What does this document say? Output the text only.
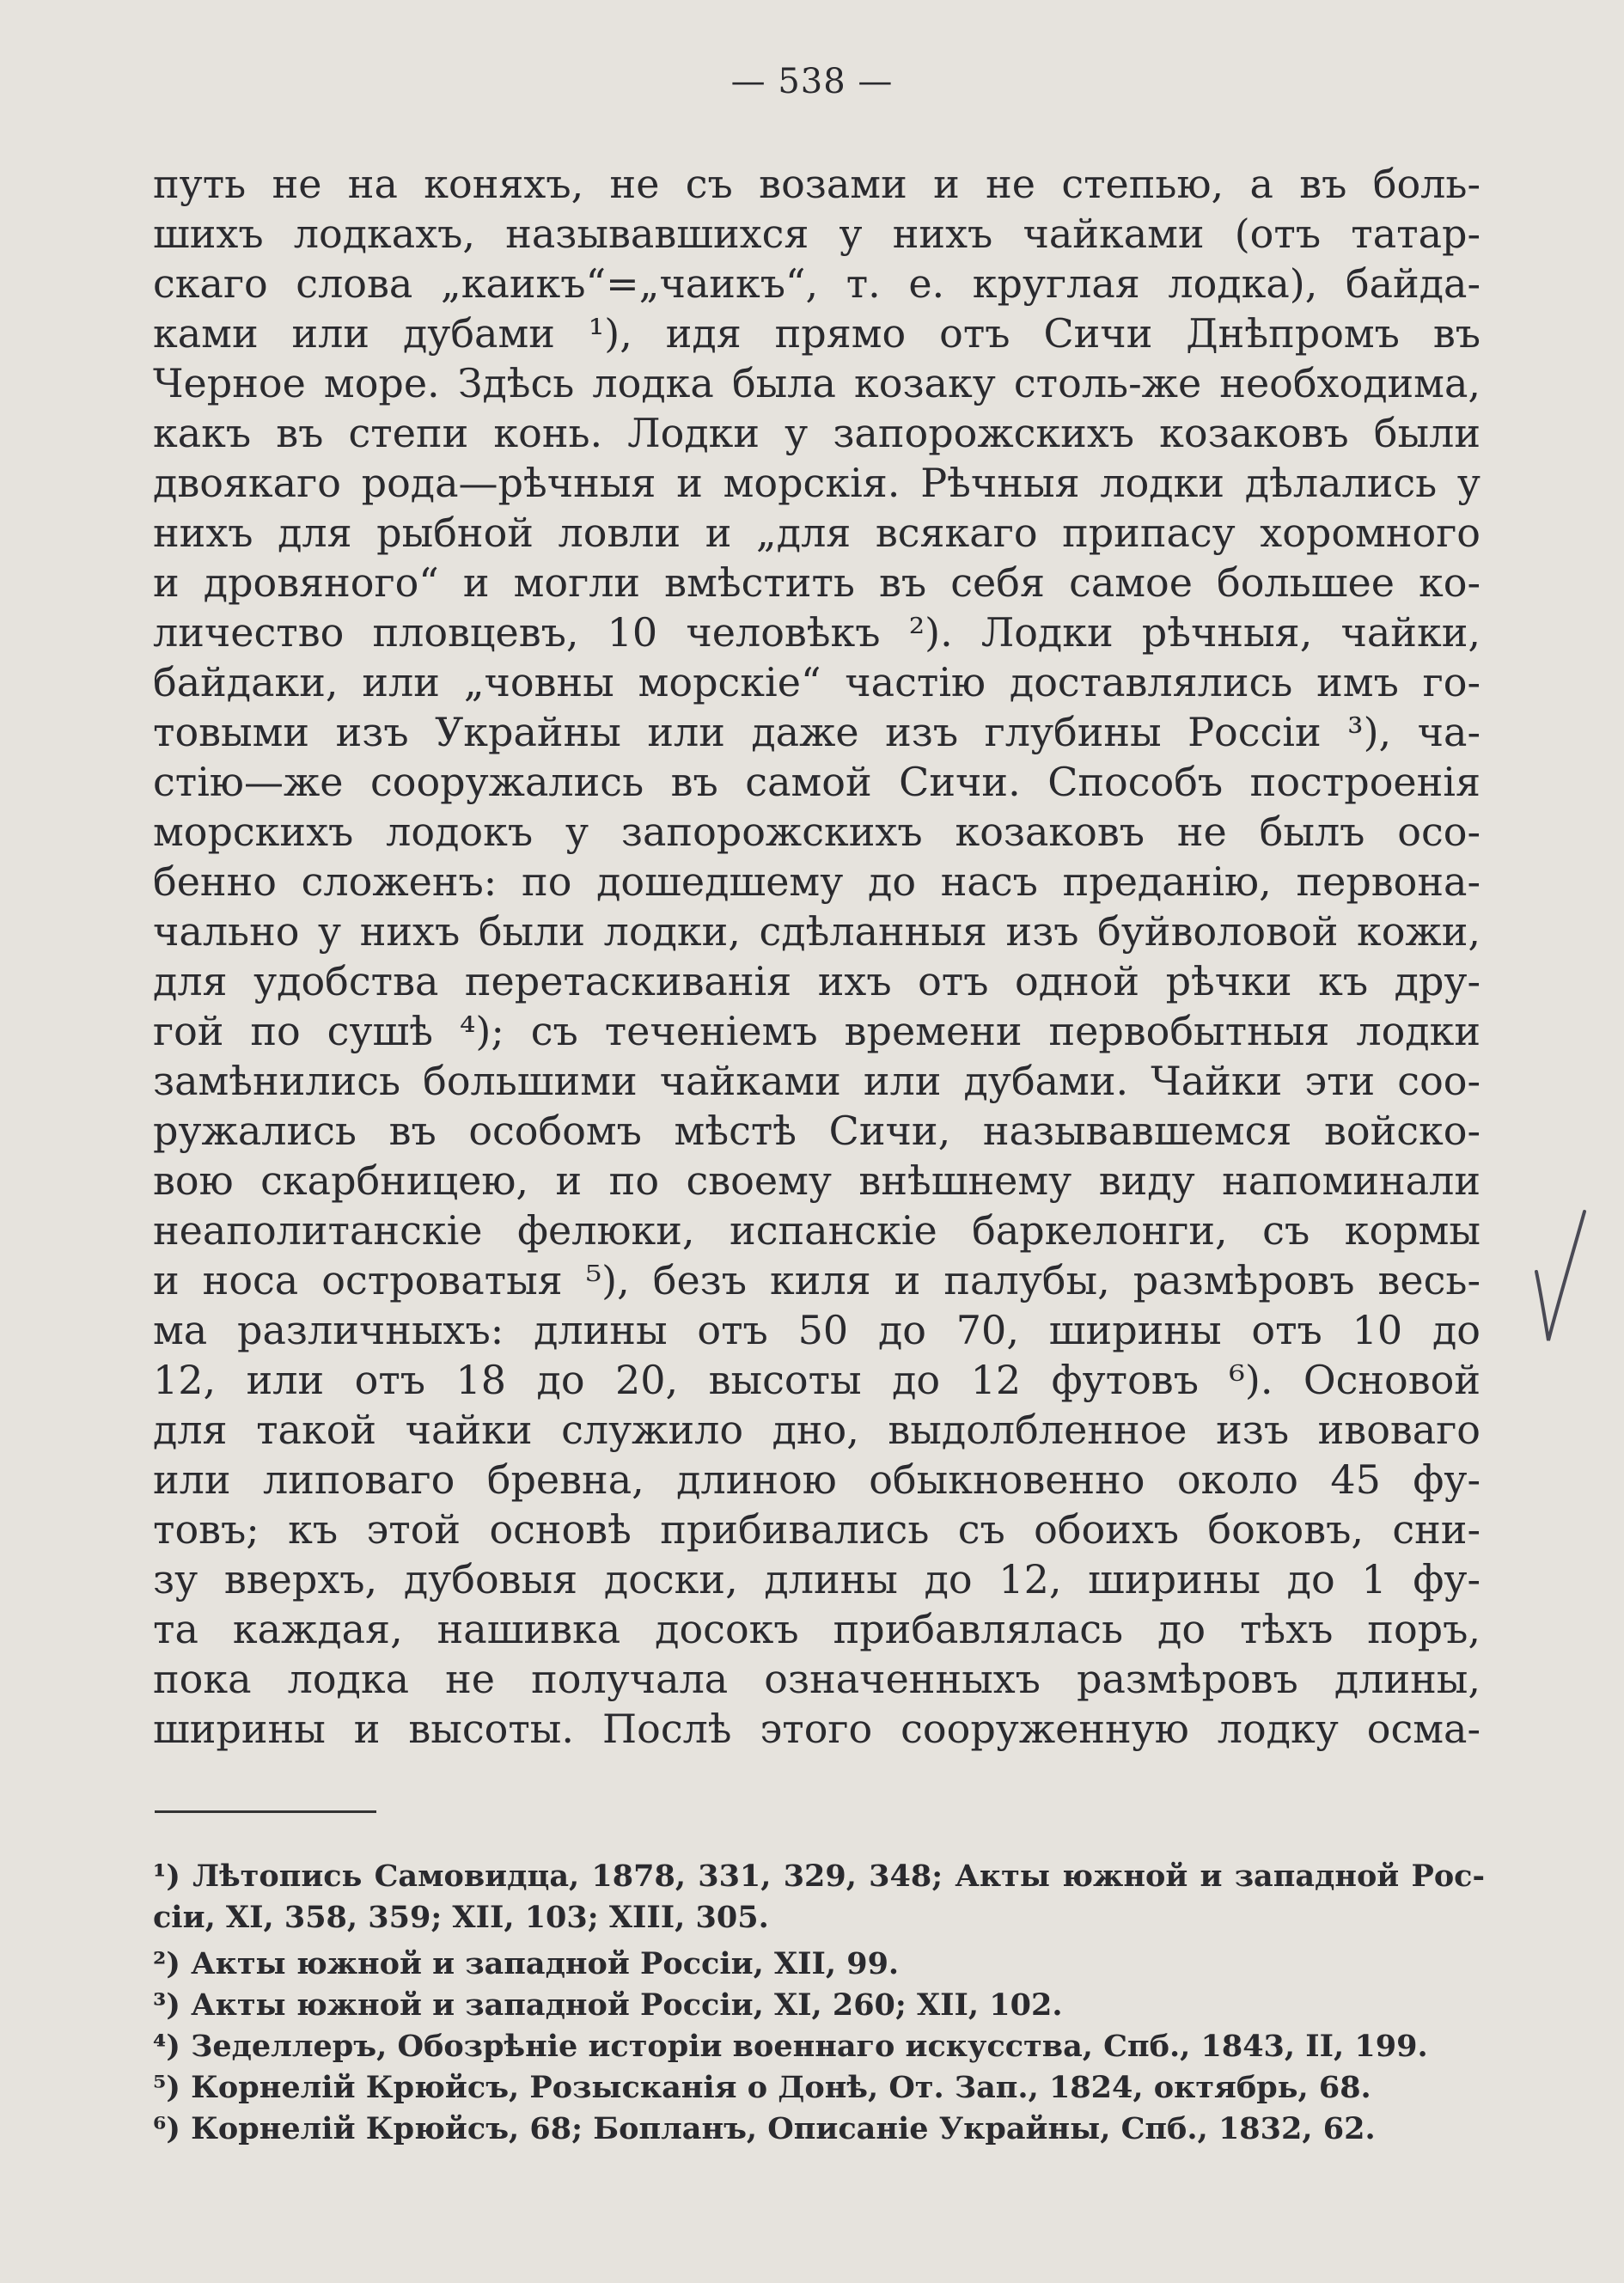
— 538 —
путь не на коняхъ, не съ возами и не степью, а въ боль-
шихъ лодкахъ, называвшихся у нихъ чайками (отъ татар-
скаго слова „каикъ“=„чаикъ“, т. е. круглая лодка), байда-
ками или дубами ¹), идя прямо отъ Сичи Днѣпромъ въ
Черное море. Здѣсь лодка была козаку столь-же необходима,
какъ въ степи конь. Лодки у запорожскихъ козаковъ были
двоякаго рода—рѣчныя и морскія. Рѣчныя лодки дѣлались у
нихъ для рыбной ловли и „для всякаго припасу хоромного
и дровяного“ и могли вмѣстить въ себя самое большее ко-
личество пловцевъ, 10 человѣкъ ²). Лодки рѣчныя, чайки,
байдаки, или „човны морскіе“ частію доставлялись имъ го-
товыми изъ Украйны или даже изъ глубины Россіи ³), ча-
стію—же сооружались въ самой Сичи. Способъ построенія
морскихъ лодокъ у запорожскихъ козаковъ не былъ осо-
бенно сложенъ: по дошедшему до насъ преданію, первона-
чально у нихъ были лодки, сдѣланныя изъ буйволовой кожи,
для удобства перетаскиванія ихъ отъ одной рѣчки къ дру-
гой по сушѣ ⁴); съ теченіемъ времени первобытныя лодки
замѣнились большими чайками или дубами. Чайки эти соо-
ружались въ особомъ мѣстѣ Сичи, называвшемся войско-
вою скарбницею, и по своему внѣшнему виду напоминали
неаполитанскіе фелюки, испанскіе баркелонги, съ кормы
и носа островатыя ⁵), безъ киля и палубы, размѣровъ весь-
ма различныхъ: длины отъ 50 до 70, ширины отъ 10 до
12, или отъ 18 до 20, высоты до 12 футовъ ⁶). Основой
для такой чайки служило дно, выдолбленное изъ ивоваго
или липоваго бревна, длиною обыкновенно около 45 фу-
товъ; къ этой основѣ прибивались съ обоихъ боковъ, сни-
зу вверхъ, дубовыя доски, длины до 12, ширины до 1 фу-
та каждая, нашивка досокъ прибавлялась до тѣхъ поръ,
пока лодка не получала означенныхъ размѣровъ длины,
ширины и высоты. Послѣ этого сооруженную лодку осма-
¹) Лѣтопись Самовидца, 1878, 331, 329, 348; Акты южной и западной Рос-
сіи, XI, 358, 359; XII, 103; XIII, 305.
²) Акты южной и западной Россіи, XII, 99.
³) Акты южной и западной Россіи, XI, 260; XII, 102.
⁴) Зеделлеръ, Обозрѣніе исторіи военнаго искусства, Спб., 1843, II, 199.
⁵) Корнелій Крюйсъ, Розысканія о Донѣ, От. Зап., 1824, октябрь, 68.
⁶) Корнелій Крюйсъ, 68; Бопланъ, Описаніе Украйны, Спб., 1832, 62.
